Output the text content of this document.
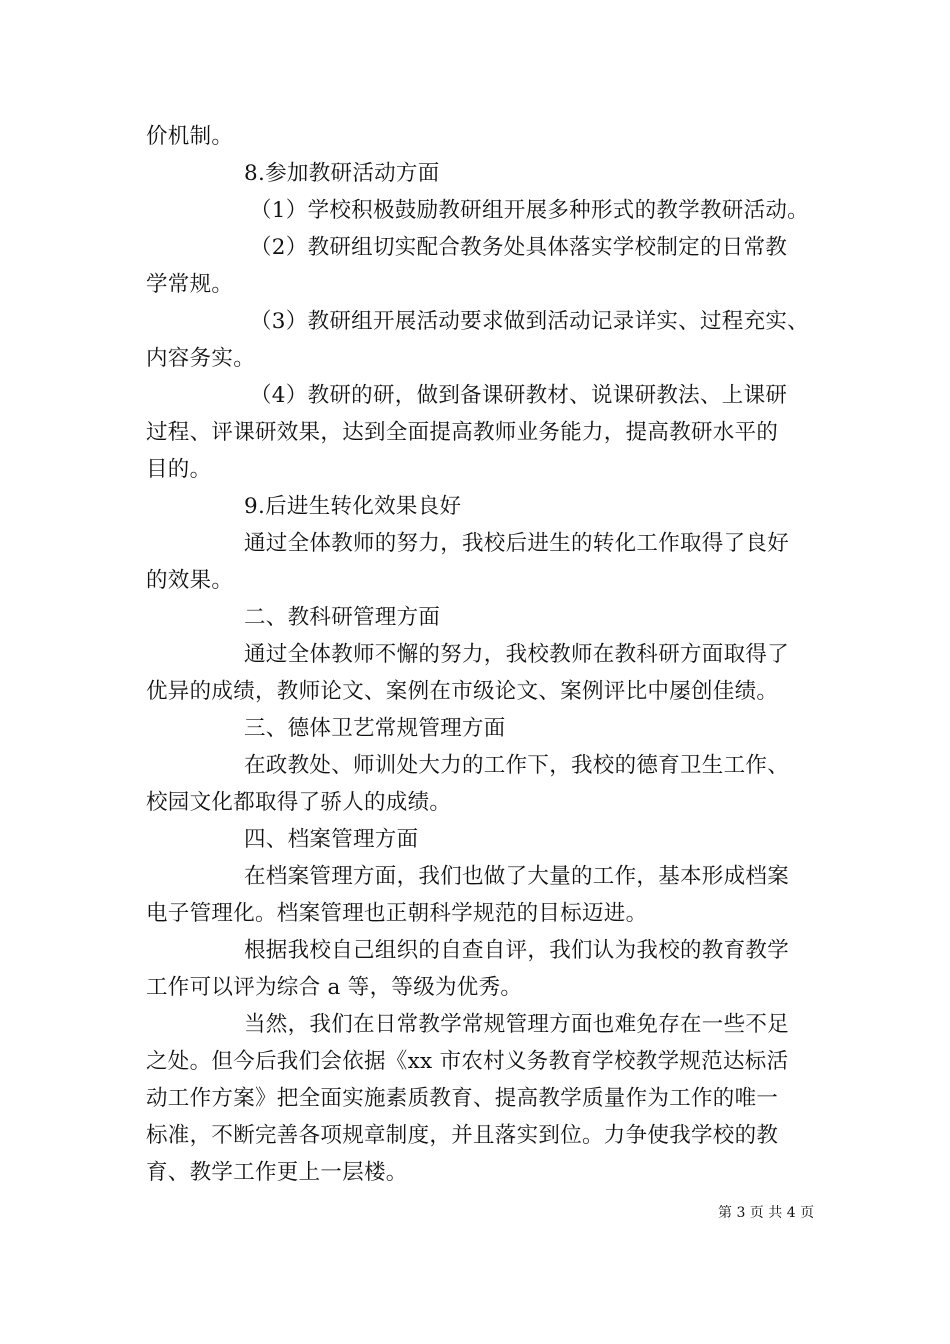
价机制。
8.参加教研活动方面
（1）学校积极鼓励教研组开展多种形式的教学教研活动。
（2）教研组切实配合教务处具体落实学校制定的日常教
学常规。
（3）教研组开展活动要求做到活动记录详实、过程充实、
内容务实。
（4）教研的研，做到备课研教材、说课研教法、上课研
过程、评课研效果，达到全面提高教师业务能力，提高教研水平的
目的。
9.后进生转化效果良好
通过全体教师的努力，我校后进生的转化工作取得了良好
的效果。
二、教科研管理方面
通过全体教师不懈的努力，我校教师在教科研方面取得了
优异的成绩，教师论文、案例在市级论文、案例评比中屡创佳绩。
三、德体卫艺常规管理方面
在政教处、师训处大力的工作下，我校的德育卫生工作、
校园文化都取得了骄人的成绩。
四、档案管理方面
在档案管理方面，我们也做了大量的工作，基本形成档案
电子管理化。档案管理也正朝科学规范的目标迈进。
根据我校自己组织的自查自评，我们认为我校的教育教学
工作可以评为综合 a 等，等级为优秀。
当然，我们在日常教学常规管理方面也难免存在一些不足
之处。但今后我们会依据《xx 市农村义务教育学校教学规范达标活
动工作方案》把全面实施素质教育、提高教学质量作为工作的唯一
标准，不断完善各项规章制度，并且落实到位。力争使我学校的教
育、教学工作更上一层楼。
第 3 页 共 4 页
